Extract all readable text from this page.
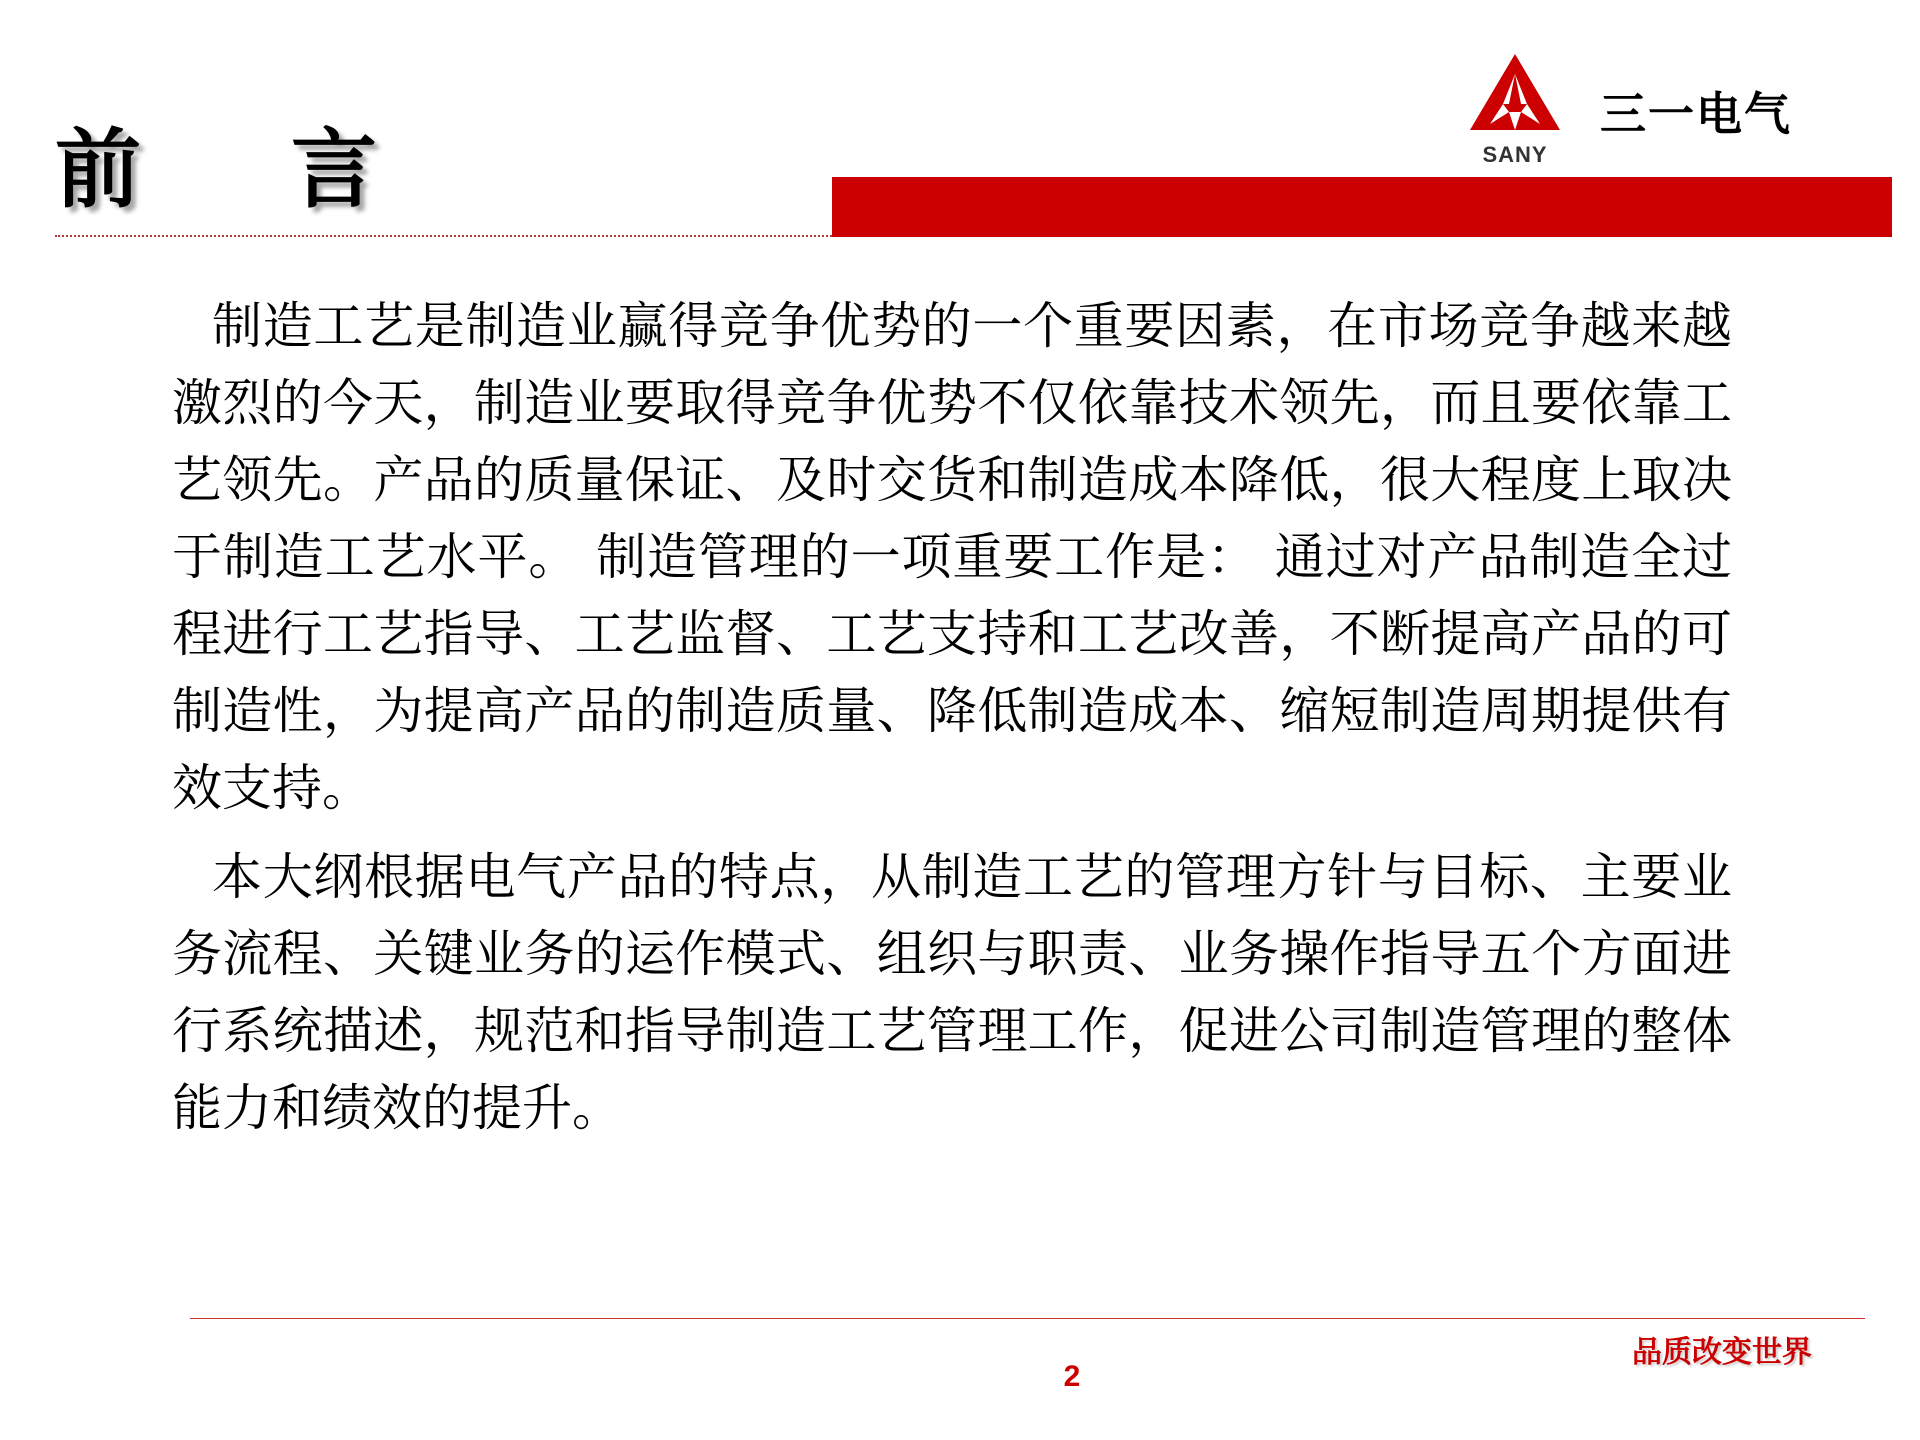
前 言	SANY
三一电气

制造工艺是制造业赢得竞争优势的一个重要因素，在市场竞争越来越激烈的今天，制造业要取得竞争优势不仅依靠技术领先，而且要依靠工艺领先。产品的质量保证、及时交货和制造成本降低，很大程度上取决于制造工艺水平。 制造管理的一项重要工作是： 通过对产品制造全过程进行工艺指导、工艺监督、工艺支持和工艺改善，不断提高产品的可制造性，为提高产品的制造质量、降低制造成本、缩短制造周期提供有效支持。

本大纲根据电气产品的特点，从制造工艺的管理方针与目标、主要业务流程、关键业务的运作模式、组织与职责、业务操作指导五个方面进行系统描述，规范和指导制造工艺管理工作，促进公司制造管理的整体能力和绩效的提升。

品质改变世界
2
